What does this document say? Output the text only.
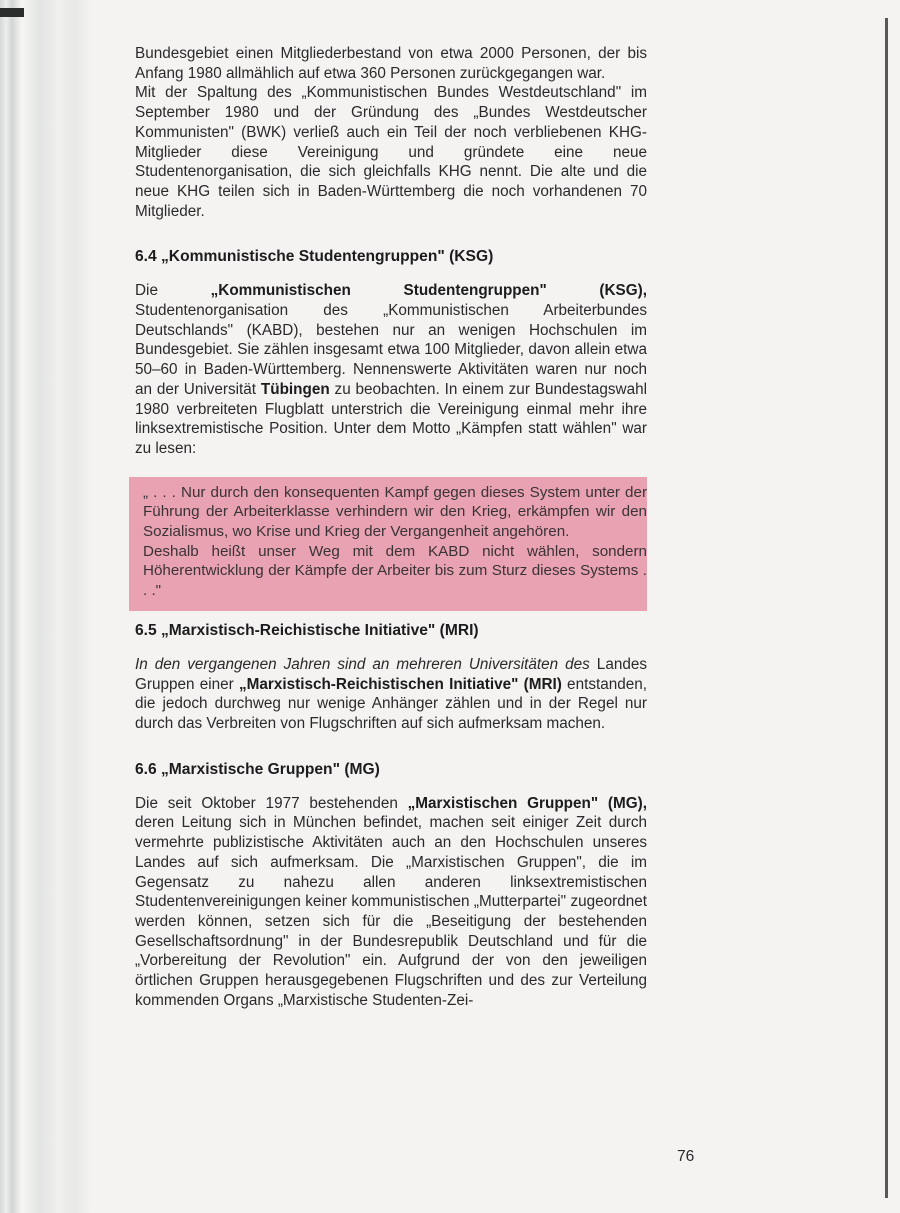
Bundesgebiet einen Mitgliederbestand von etwa 2000 Personen, der bis Anfang 1980 allmählich auf etwa 360 Personen zurückgegangen war.

Mit der Spaltung des „Kommunistischen Bundes Westdeutschland" im September 1980 und der Gründung des „Bundes Westdeutscher Kommunisten" (BWK) verließ auch ein Teil der noch verbliebenen KHG-Mitglieder diese Vereinigung und gründete eine neue Studentenorganisation, die sich gleichfalls KHG nennt. Die alte und die neue KHG teilen sich in Baden-Württemberg die noch vorhandenen 70 Mitglieder.

6.4 „Kommunistische Studentengruppen" (KSG)

Die „Kommunistischen Studentengruppen" (KSG), Studentenorganisation des „Kommunistischen Arbeiterbundes Deutschlands" (KABD), bestehen nur an wenigen Hochschulen im Bundesgebiet. Sie zählen insgesamt etwa 100 Mitglieder, davon allein etwa 50–60 in Baden-Württemberg. Nennenswerte Aktivitäten waren nur noch an der Universität Tübingen zu beobachten. In einem zur Bundestagswahl 1980 verbreiteten Flugblatt unterstrich die Vereinigung einmal mehr ihre linksextremistische Position. Unter dem Motto „Kämpfen statt wählen" war zu lesen:

„ . . . Nur durch den konsequenten Kampf gegen dieses System unter der Führung der Arbeiterklasse verhindern wir den Krieg, erkämpfen wir den Sozialismus, wo Krise und Krieg der Vergangenheit angehören.

Deshalb heißt unser Weg mit dem KABD nicht wählen, sondern Höherentwicklung der Kämpfe der Arbeiter bis zum Sturz dieses Systems . . ."

6.5 „Marxistisch-Reichistische Initiative" (MRI)

In den vergangenen Jahren sind an mehreren Universitäten des Landes Gruppen einer „Marxistisch-Reichistischen Initiative" (MRI) entstanden, die jedoch durchweg nur wenige Anhänger zählen und in der Regel nur durch das Verbreiten von Flugschriften auf sich aufmerksam machen.

6.6 „Marxistische Gruppen" (MG)

Die seit Oktober 1977 bestehenden „Marxistischen Gruppen" (MG), deren Leitung sich in München befindet, machen seit einiger Zeit durch vermehrte publizistische Aktivitäten auch an den Hochschulen unseres Landes auf sich aufmerksam. Die „Marxistischen Gruppen", die im Gegensatz zu nahezu allen anderen linksextremistischen Studentenvereinigungen keiner kommunistischen „Mutterpartei" zugeordnet werden können, setzen sich für die „Beseitigung der bestehenden Gesellschaftsordnung" in der Bundesrepublik Deutschland und für die „Vorbereitung der Revolution" ein. Aufgrund der von den jeweiligen örtlichen Gruppen herausgegebenen Flugschriften und des zur Verteilung kommenden Organs „Marxistische Studenten-Zei-

76
